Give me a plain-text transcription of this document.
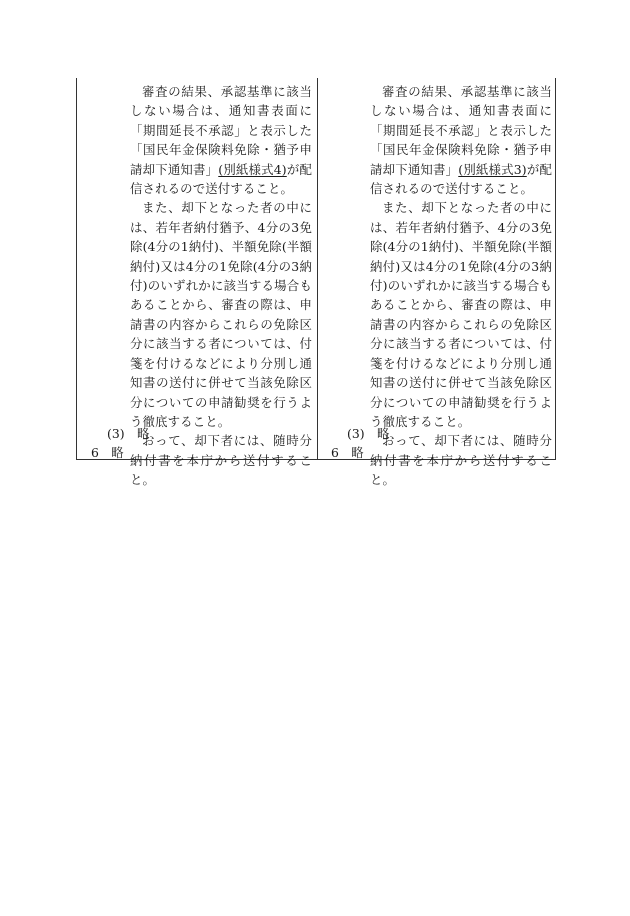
審査の結果、承認基準に該当しない場合は、通知書表面に「期間延長不承認」と表示した「国民年金保険料免除・猶予申請却下通知書」(別紙様式4)が配信されるので送付すること。

また、却下となった者の中には、若年者納付猶予、4分の3免除(4分の1納付)、半額免除(半額納付)又は4分の1免除(4分の3納付)のいずれかに該当する場合もあることから、審査の際は、申請書の内容からこれらの免除区分に該当する者については、付箋を付けるなどにより分別し通知書の送付に併せて当該免除区分についての申請勧奨を行うよう徹底すること。

おって、却下者には、随時分納付書を本庁から送付すること。

(3)　略
6　略

審査の結果、承認基準に該当しない場合は、通知書表面に「期間延長不承認」と表示した「国民年金保険料免除・猶予申請却下通知書」(別紙様式3)が配信されるので送付すること。

また、却下となった者の中には、若年者納付猶予、4分の3免除(4分の1納付)、半額免除(半額納付)又は4分の1免除(4分の3納付)のいずれかに該当する場合もあることから、審査の際は、申請書の内容からこれらの免除区分に該当する者については、付箋を付けるなどにより分別し通知書の送付に併せて当該免除区分についての申請勧奨を行うよう徹底すること。

おって、却下者には、随時分納付書を本庁から送付すること。

(3)　略
6　略
